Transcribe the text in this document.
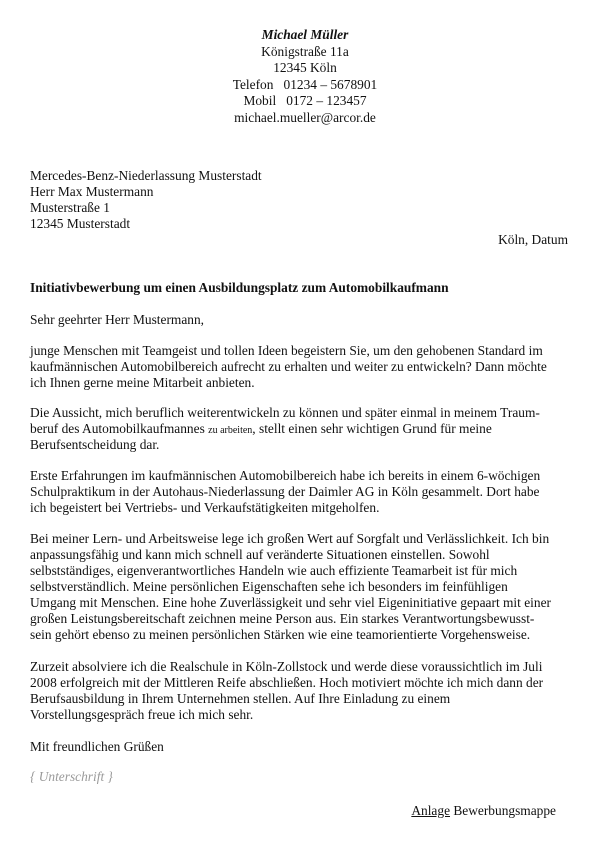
Michael Müller
Königstraße 11a
12345 Köln
Telefon   01234 – 5678901
Mobil   0172 – 123457
michael.mueller@arcor.de
Mercedes-Benz-Niederlassung Musterstadt
Herr Max Mustermann
Musterstraße 1
12345 Musterstadt
Köln, Datum
Initiativbewerbung um einen Ausbildungsplatz zum Automobilkaufmann
Sehr geehrter Herr Mustermann,
junge Menschen mit Teamgeist und tollen Ideen begeistern Sie, um den gehobenen Standard im
kaufmännischen Automobilbereich aufrecht zu erhalten und weiter zu entwickeln? Dann möchte
ich Ihnen gerne meine Mitarbeit anbieten.
Die Aussicht, mich beruflich weiterentwickeln zu können und später einmal in meinem Traum-
beruf des Automobilkaufmannes zu arbeiten, stellt einen sehr wichtigen Grund für meine
Berufsentscheidung dar.
Erste Erfahrungen im kaufmännischen Automobilbereich habe ich bereits in einem 6-wöchigen
Schulpraktikum in der Autohaus-Niederlassung der Daimler AG in Köln gesammelt. Dort habe
ich begeistert bei Vertriebs- und Verkaufstätigkeiten mitgeholfen.
Bei meiner Lern- und Arbeitsweise lege ich großen Wert auf Sorgfalt und Verlässlichkeit. Ich bin
anpassungsfähig und kann mich schnell auf veränderte Situationen einstellen. Sowohl
selbstständiges, eigenverantwortliches Handeln wie auch effiziente Teamarbeit ist für mich
selbstverständlich. Meine persönlichen Eigenschaften sehe ich besonders im feinfühligen
Umgang mit Menschen. Eine hohe Zuverlässigkeit und sehr viel Eigeninitiative gepaart mit einer
großen Leistungsbereitschaft zeichnen meine Person aus. Ein starkes Verantwortungsbewusst-
sein gehört ebenso zu meinen persönlichen Stärken wie eine teamorientierte Vorgehensweise.
Zurzeit absolviere ich die Realschule in Köln-Zollstock und werde diese voraussichtlich im Juli
2008 erfolgreich mit der Mittleren Reife abschließen. Hoch motiviert möchte ich mich dann der
Berufsausbildung in Ihrem Unternehmen stellen. Auf Ihre Einladung zu einem
Vorstellungsgespräch freue ich mich sehr.
Mit freundlichen Grüßen
{ Unterschrift }
Anlage Bewerbungsmappe
